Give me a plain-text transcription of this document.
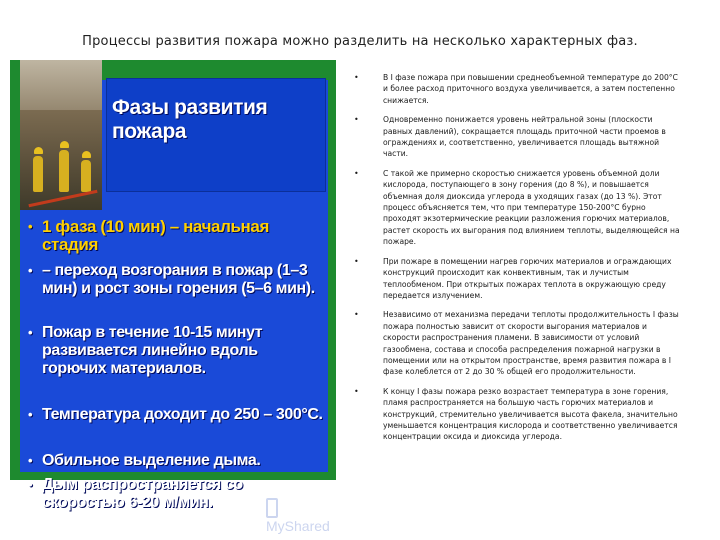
Процессы развития пожара можно разделить на несколько характерных фаз.
Фазы развития пожара
• 1 фаза (10 мин) – начальная стадия
• – переход возгорания в пожар (1–3 мин) и рост зоны горения (5–6 мин).
• Пожар в течение 10-15 минут развивается линейно вдоль горючих материалов.
• Температура доходит до 250 – 300°С.
• Обильное выделение дыма.
• Дым распространяется со скоростью 6-20 м/мин.
MyShared
•	В I фазе пожара при повышении среднеобъемной температуре до 200°С и более расход приточного воздуха увеличивается, а затем постепенно снижается.
•	Одновременно понижается уровень нейтральной зоны (плоскости равных давлений), сокращается площадь приточной части проемов в ограждениях и, соответственно, увеличивается площадь вытяжной части.
•	С такой же примерно скоростью снижается уровень объемной доли кислорода, поступающего в зону горения (до 8 %), и повышается объемная доля диоксида углерода в уходящих газах (до 13 %). Этот процесс объясняется тем, что при температуре 150-200°С бурно проходят экзотермические реакции разложения горючих материалов, растет скорость их выгорания под влиянием теплоты, выделяющейся на пожаре.
•	При пожаре в помещении нагрев горючих материалов и ограждающих конструкций происходит как конвективным, так и лучистым теплообменом. При открытых пожарах теплота в окружающую среду передается излучением.
•	Независимо от механизма передачи теплоты продолжительность I фазы пожара полностью зависит от скорости выгорания материалов и скорости распространения пламени. В зависимости от условий газообмена, состава и способа распределения пожарной нагрузки в помещении или на открытом пространстве, время развития пожара в I фазе колеблется от 2 до 30 % общей его продолжительности.
•	К концу I фазы пожара резко возрастает температура в зоне горения, пламя распространяется на большую часть горючих материалов и конструкций, стремительно увеличивается высота факела, значительно уменьшается концентрация кислорода и соответственно увеличивается концентрации оксида и диоксида углерода.
